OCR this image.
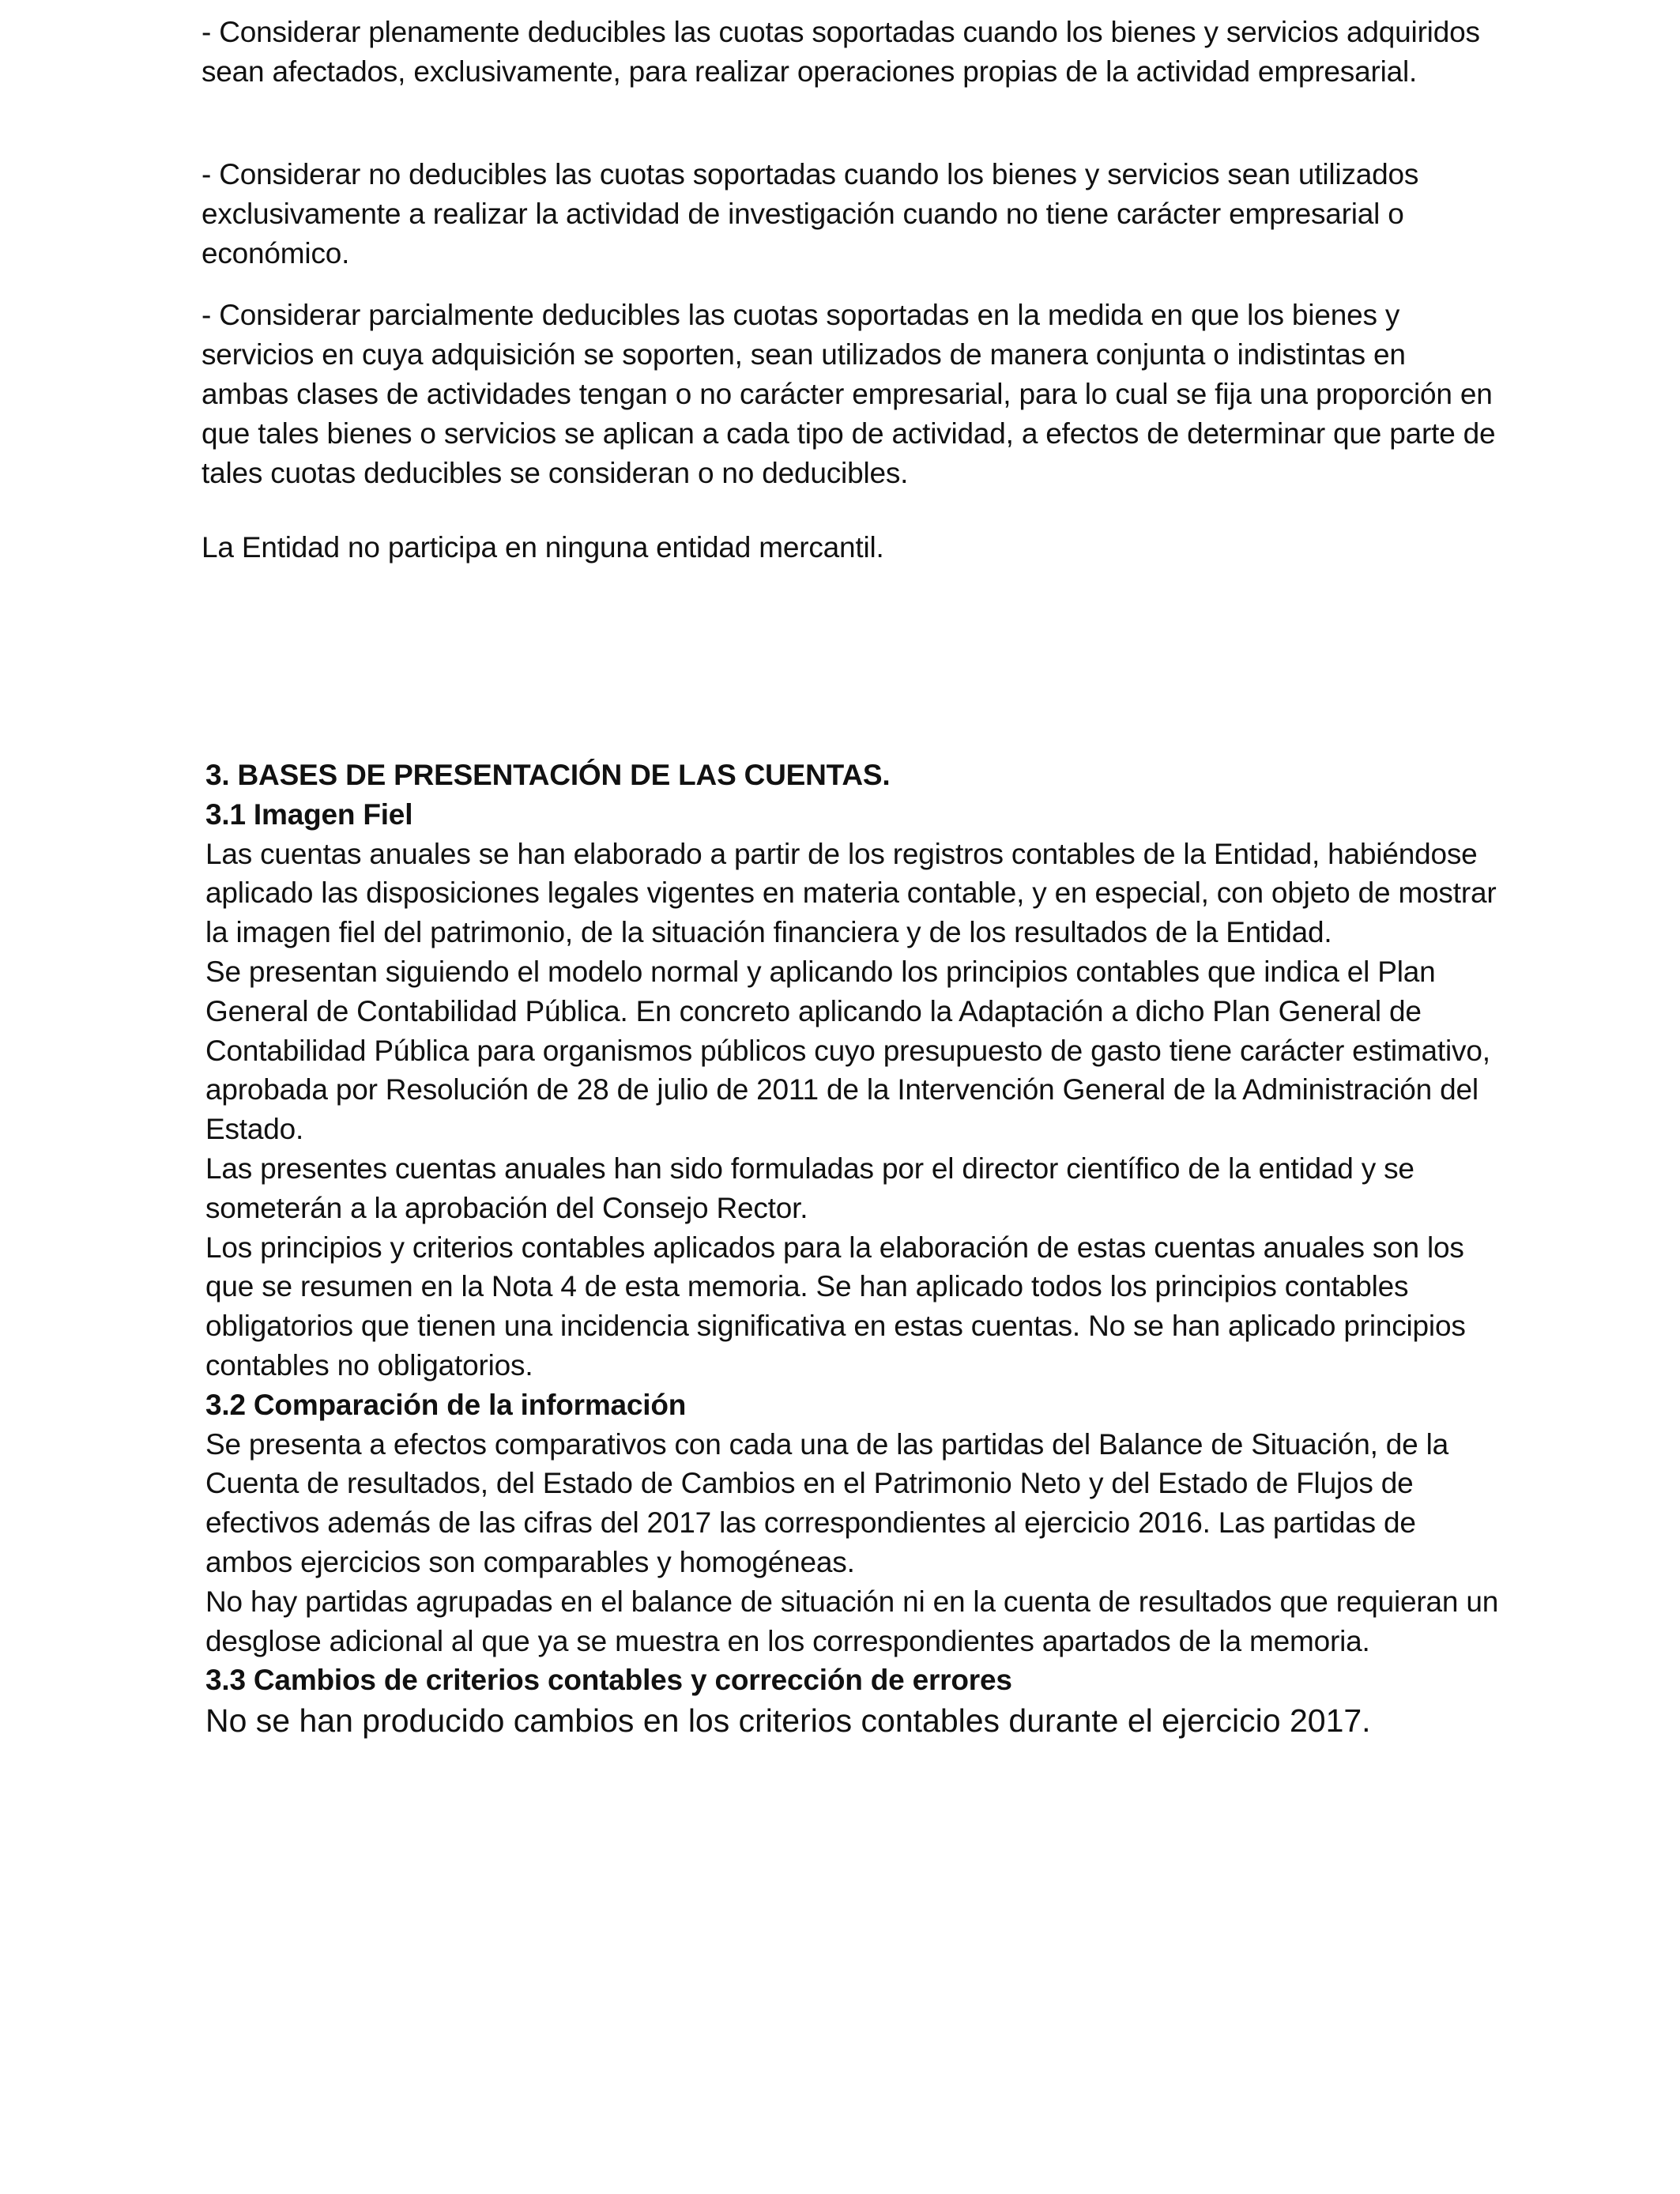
- Considerar plenamente deducibles las cuotas soportadas cuando los bienes y servicios adquiridos sean afectados, exclusivamente, para realizar operaciones propias de la actividad empresarial.

- Considerar no deducibles las cuotas soportadas cuando los bienes y servicios sean utilizados exclusivamente a realizar la actividad de investigación cuando no tiene carácter empresarial o económico.

- Considerar parcialmente deducibles las cuotas soportadas en la medida en que los bienes y servicios en cuya adquisición se soporten, sean utilizados de manera conjunta o indistintas en ambas clases de actividades tengan o no carácter empresarial, para lo cual se fija una proporción en que tales bienes o servicios se aplican a cada tipo de actividad, a efectos de determinar que parte de tales cuotas deducibles se consideran o no deducibles.

La Entidad no participa en ninguna entidad mercantil.

3. BASES DE PRESENTACIÓN DE LAS CUENTAS.

3.1 Imagen Fiel

Las cuentas anuales se han elaborado a partir de los registros contables de la Entidad, habiéndose aplicado las disposiciones legales vigentes en materia contable, y en especial, con objeto de mostrar la imagen fiel del patrimonio, de la situación financiera y de los resultados de la Entidad.

Se presentan siguiendo el modelo normal y aplicando los principios contables que indica el Plan General de Contabilidad Pública. En concreto aplicando la Adaptación a dicho Plan General de Contabilidad Pública para organismos públicos cuyo presupuesto de gasto tiene carácter estimativo, aprobada por Resolución de 28 de julio de 2011 de la Intervención General de la Administración del Estado.

Las presentes cuentas anuales han sido formuladas por el director científico de la entidad y se someterán a la aprobación del Consejo Rector.

Los principios y criterios contables aplicados para la elaboración de estas cuentas anuales son los que se resumen en la Nota 4 de esta memoria. Se han aplicado todos los principios contables obligatorios que tienen una incidencia significativa en estas cuentas. No se han aplicado principios contables no obligatorios.

3.2 Comparación de la información

Se presenta a efectos comparativos con cada una de las partidas del Balance de Situación, de la Cuenta de resultados, del Estado de Cambios en el Patrimonio Neto y del Estado de Flujos de efectivos además de las cifras del 2017 las correspondientes al ejercicio 2016. Las partidas de ambos ejercicios son comparables y homogéneas.

No hay partidas agrupadas en el balance de situación ni en la cuenta de resultados que requieran un desglose adicional al que ya se muestra en los correspondientes apartados de la memoria.

3.3 Cambios de criterios contables y corrección de errores

No se han producido cambios en los criterios contables durante el ejercicio 2017.
